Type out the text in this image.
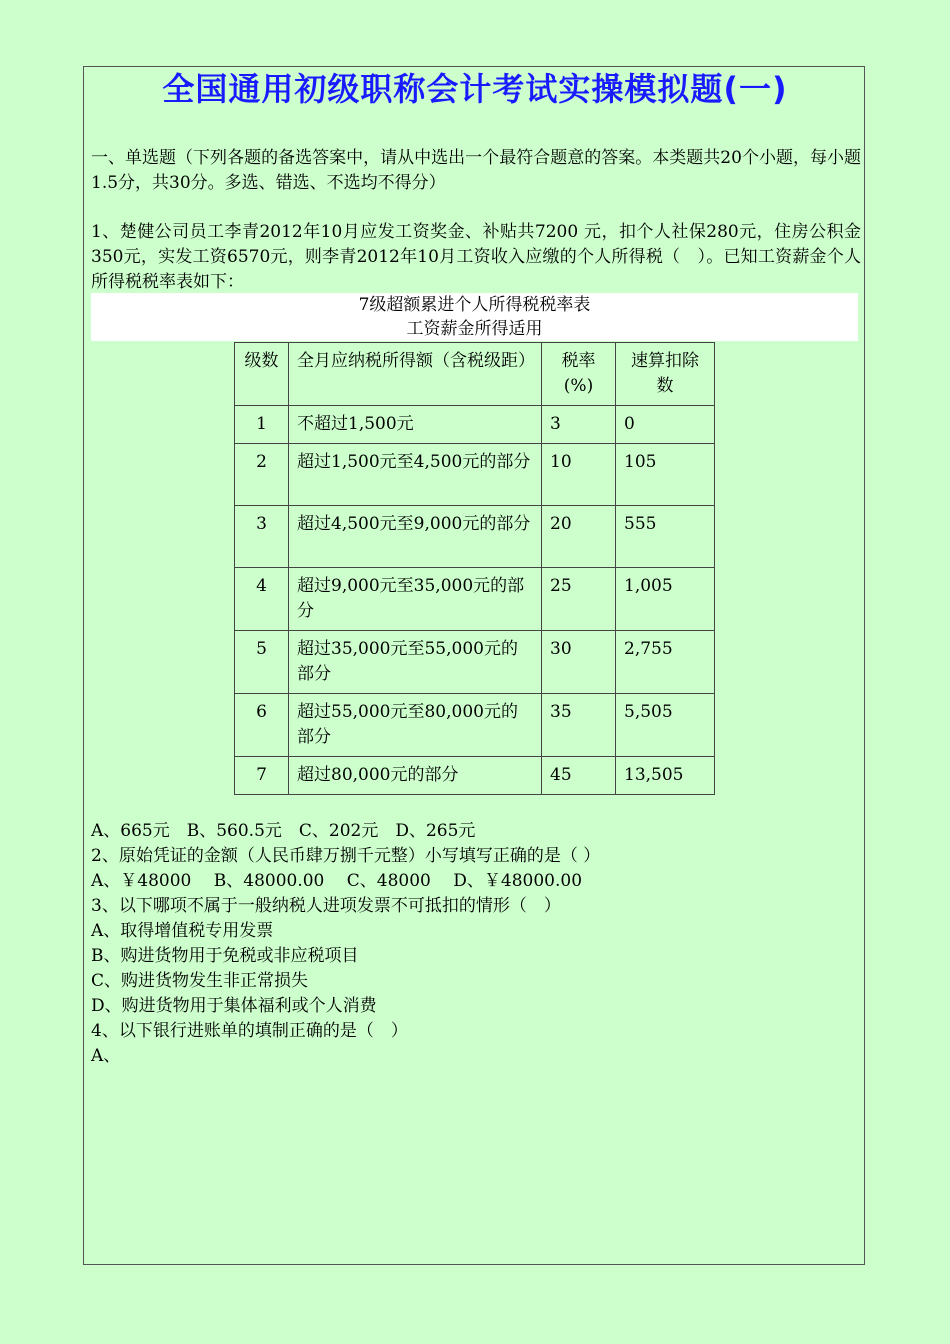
全国通用初级职称会计考试实操模拟题(一)
一、单选题（下列各题的备选答案中，请从中选出一个最符合题意的答案。本类题共20个小题，每小题1.5分，共30分。多选、错选、不选均不得分）
1、楚健公司员工李青2012年10月应发工资奖金、补贴共7200 元，扣个人社保280元，住房公积金350元，实发工资6570元，则李青2012年10月工资收入应缴的个人所得税（　）。已知工资薪金个人所得税税率表如下：
7级超额累进个人所得税税率表
工资薪金所得适用
级数	全月应纳税所得额（含税级距）	税率(%)	速算扣除数
1	不超过1,500元	3	0
2	超过1,500元至4,500元的部分	10	105
3	超过4,500元至9,000元的部分	20	555
4	超过9,000元至35,000元的部分	25	1,005
5	超过35,000元至55,000元的部分	30	2,755
6	超过55,000元至80,000元的部分	35	5,505
7	超过80,000元的部分	45	13,505
A、665元　B、560.5元　C、202元　D、265元
2、原始凭证的金额（人民币肆万捌千元整）小写填写正确的是（ ）
A、￥48000　 B、48000.00　 C、48000　 D、￥48000.00
3、以下哪项不属于一般纳税人进项发票不可抵扣的情形（　）
A、取得增值税专用发票
B、购进货物用于免税或非应税项目
C、购进货物发生非正常损失
D、购进货物用于集体福利或个人消费
4、以下银行进账单的填制正确的是（　）
A、
